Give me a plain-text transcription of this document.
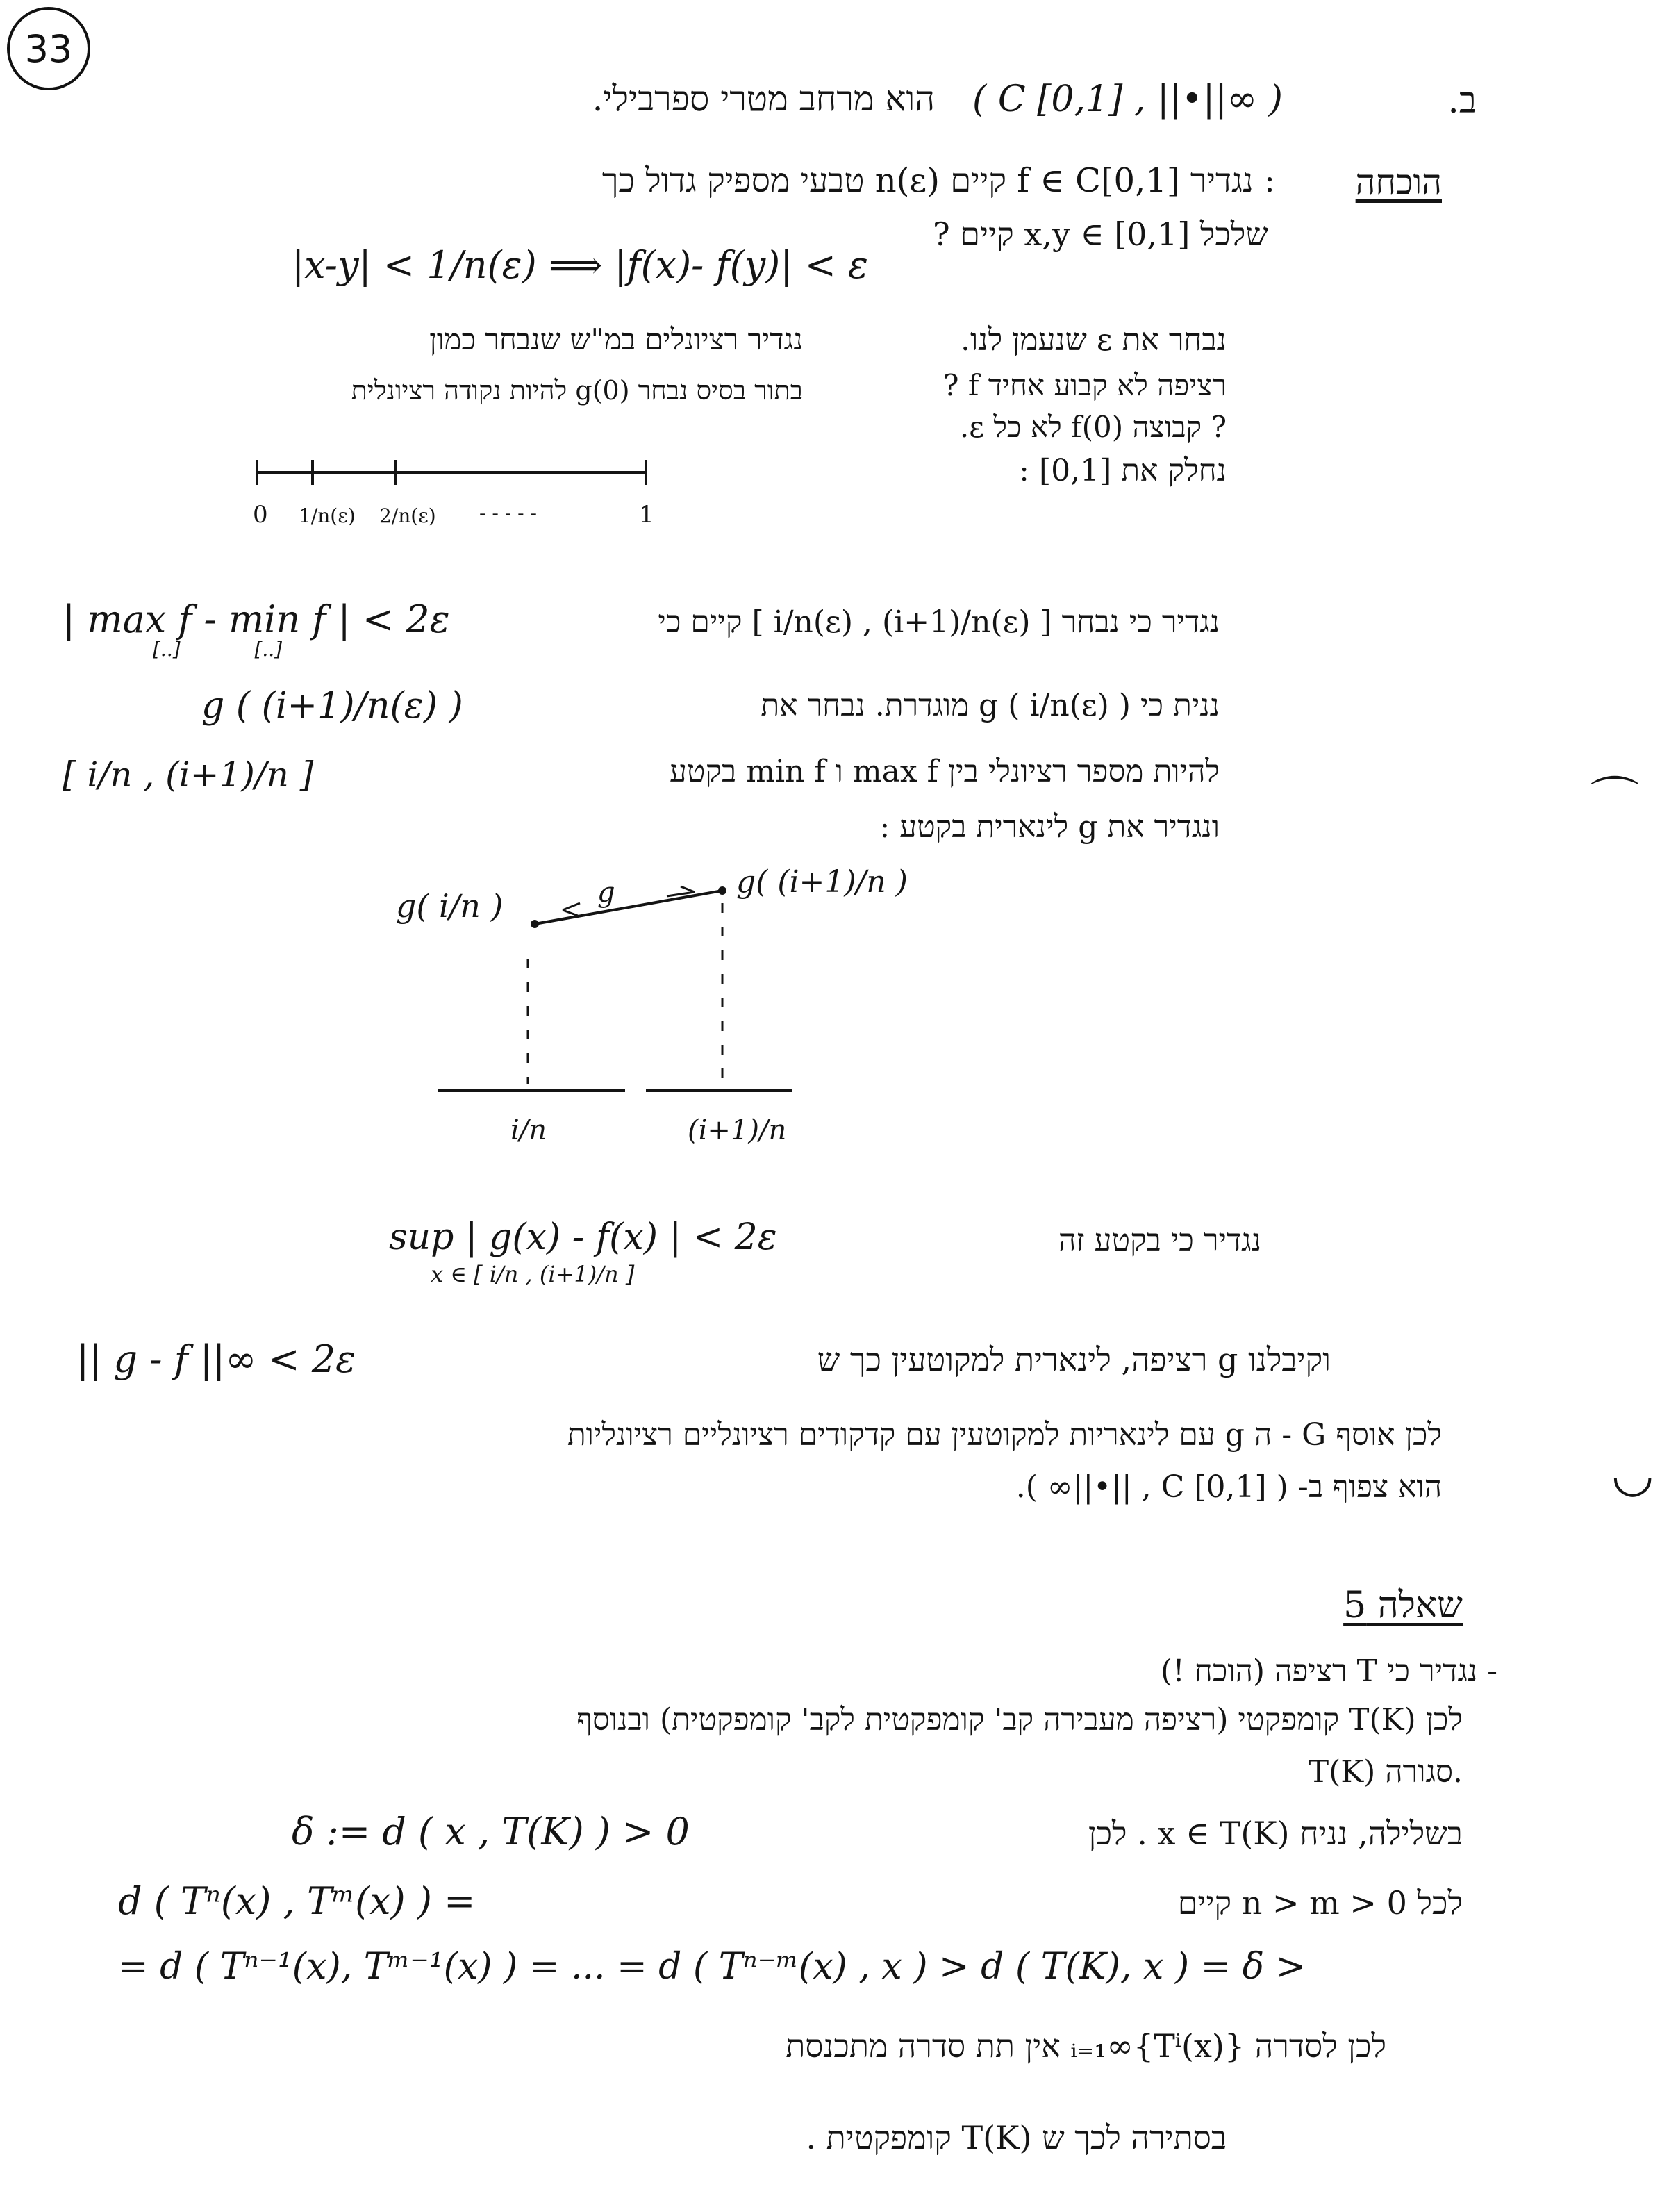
33
ב.
( C [0,1] , ||•||∞ )
הוא מרחב מטרי ספרבילי.
הוכחה
: נגדיר f ∈ C[0,1] קיים n(ε) טבעי מספיק גדול כך
שלכל x,y ∈ [0,1] קיים ?
|x-y| < 1/n(ε) ⟹ |f(x)- f(y)| < ε
נבחר את ε שנעמן לנו.
? f רציפה לא קבוע אחיד
? קבוצה f(0) לא כל ε.
נחלק את [0,1] :
נגדיר רציונלים במ"ש שנבחר כמון
בתור בסיס נבחר g(0) להיות נקודה רציונלית
0 1/n(ε) 2/n(ε) - - - - -	1
| max f - min f | < 2ε
[..]            [..]
נגדיר כי נבחר [ i/n(ε) , (i+1)/n(ε) ] קיים כי
g ( (i+1)/n(ε) )	ננית כי g ( i/n(ε) ) מוגדרת. נבחר את
[ i/n , (i+1)/n ]	להיות מספר רציונלי בין max f ו min f בקטע
ונגדיר את g לינארית בקטע :
g( i/n )
g( (i+1)/n )
g
i/n	(i+1)/n
sup | g(x) - f(x) | < 2ε
x ∈ [ i/n , (i+1)/n ]
נגדיר כי בקטע זה
|| g - f ||∞ < 2ε	וקיבלנו g רציפה, לינארית למקוטעין כך ש
לכן אוסף G - ה g עם לינאריות למקוטעין עם קדקודים רציונליים רציונליות
הוא צפוף ב- ( C [0,1] , ||•||∞ ).
⌒
◡
שאלה 5
- נגדיר כי T רציפה (הוכח !)
לכן T(K) קומפקטי (רציפה מעבירה קב' קומפקטית לקב' קומפקטית) ובנוסף
T(K) סגורה.
δ := d ( x , T(K) ) > 0	בשלילה, נניח x ∈ T(K) . לכן
d ( Tⁿ(x) , Tᵐ(x) ) =	לכל n > m > 0 קיים
= d ( Tⁿ⁻¹(x), Tᵐ⁻¹(x) ) = ... = d ( Tⁿ⁻ᵐ(x) , x ) > d ( T(K), x ) = δ >
לכן לסדרה {Tⁱ(x)}∞ᵢ₌₁ אין תת סדרה מתכנסת
בסתירה לכך ש T(K) קומפקטית .
